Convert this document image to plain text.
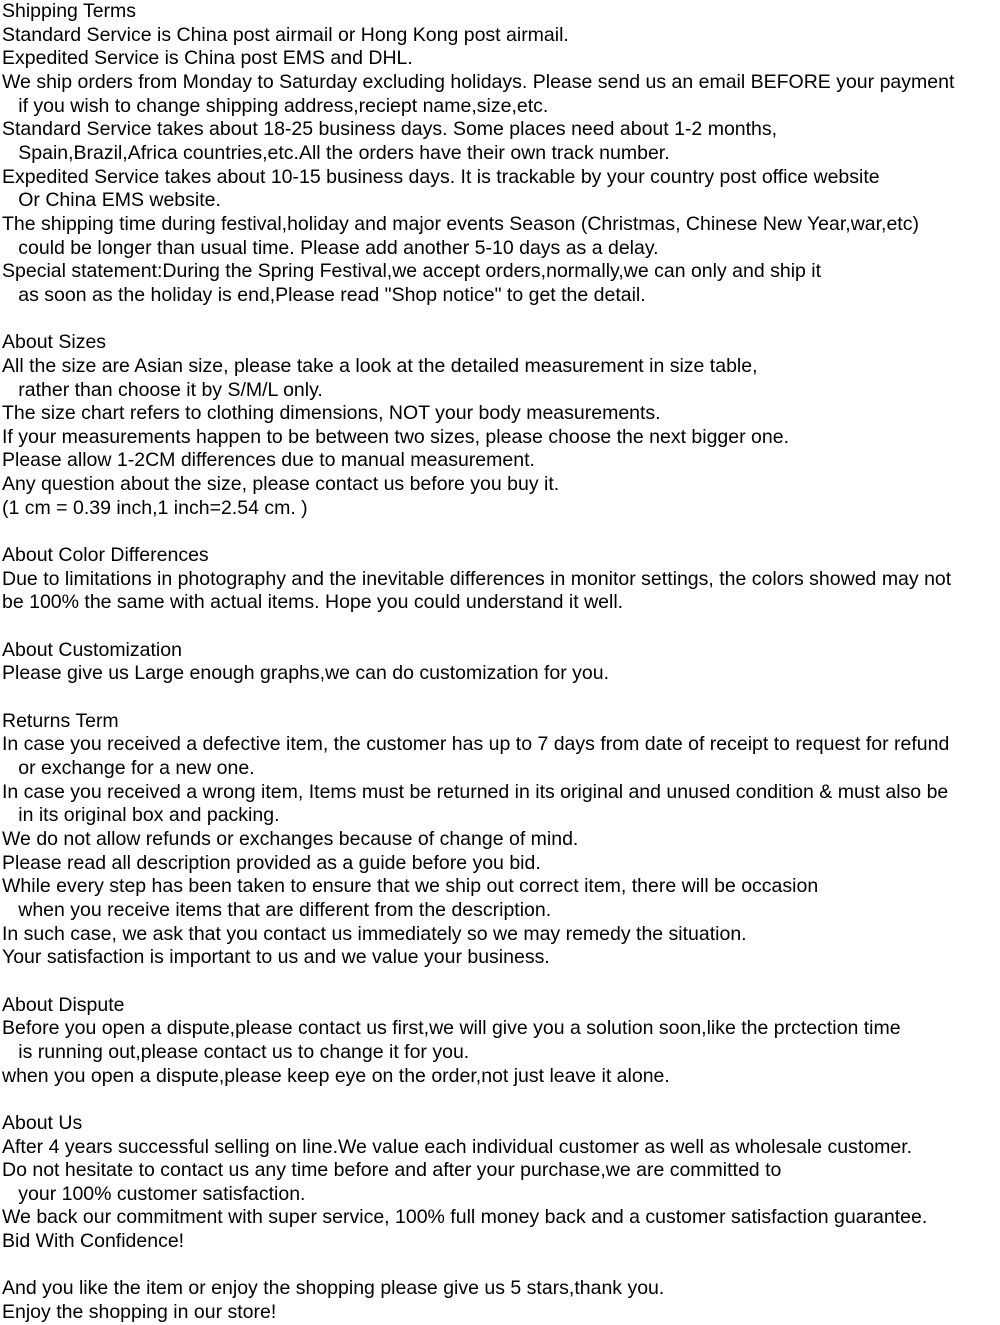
Shipping Terms
Standard Service is China post airmail or Hong Kong post airmail.
Expedited Service is China post EMS and DHL.
We ship orders from Monday to Saturday excluding holidays. Please send us an email BEFORE your payment
if you wish to change shipping address,reciept name,size,etc.
Standard Service takes about 18-25 business days. Some places need about 1-2 months,
Spain,Brazil,Africa countries,etc.All the orders have their own track number.
Expedited Service takes about 10-15 business days. It is trackable by your country post office website
Or China EMS website.
The shipping time during festival,holiday and major events Season (Christmas, Chinese New Year,war,etc)
could be longer than usual time. Please add another 5-10 days as a delay.
Special statement:During the Spring Festival,we accept orders,normally,we can only and ship it
as soon as the holiday is end,Please read "Shop notice" to get the detail.
About Sizes
All the size are Asian size, please take a look at the detailed measurement in size table,
rather than choose it by S/M/L only.
The size chart refers to clothing dimensions, NOT your body measurements.
If your measurements happen to be between two sizes, please choose the next bigger one.
Please allow 1-2CM differences due to manual measurement.
Any question about the size, please contact us before you buy it.
(1 cm = 0.39 inch,1 inch=2.54 cm. )
About Color Differences
Due to limitations in photography and the inevitable differences in monitor settings, the colors showed may not
be 100% the same with actual items. Hope you could understand it well.
About Customization
Please give us Large enough graphs,we can do customization for you.
Returns Term
In case you received a defective item, the customer has up to 7 days from date of receipt to request for refund
or exchange for a new one.
In case you received a wrong item, Items must be returned in its original and unused condition & must also be
in its original box and packing.
We do not allow refunds or exchanges because of change of mind.
Please read all description provided as a guide before you bid.
While every step has been taken to ensure that we ship out correct item, there will be occasion
when you receive items that are different from the description.
In such case, we ask that you contact us immediately so we may remedy the situation.
Your satisfaction is important to us and we value your business.
About Dispute
Before you open a dispute,please contact us first,we will give you a solution soon,like the prctection time
is running out,please contact us to change it for you.
when you open a dispute,please keep eye on the order,not just leave it alone.
About Us
After 4 years successful selling on line.We value each individual customer as well as wholesale customer.
Do not hesitate to contact us any time before and after your purchase,we are committed to
your 100% customer satisfaction.
We back our commitment with super service, 100% full money back and a customer satisfaction guarantee.
Bid With Confidence!
And you like the item or enjoy the shopping please give us 5 stars,thank you.
Enjoy the shopping in our store!
